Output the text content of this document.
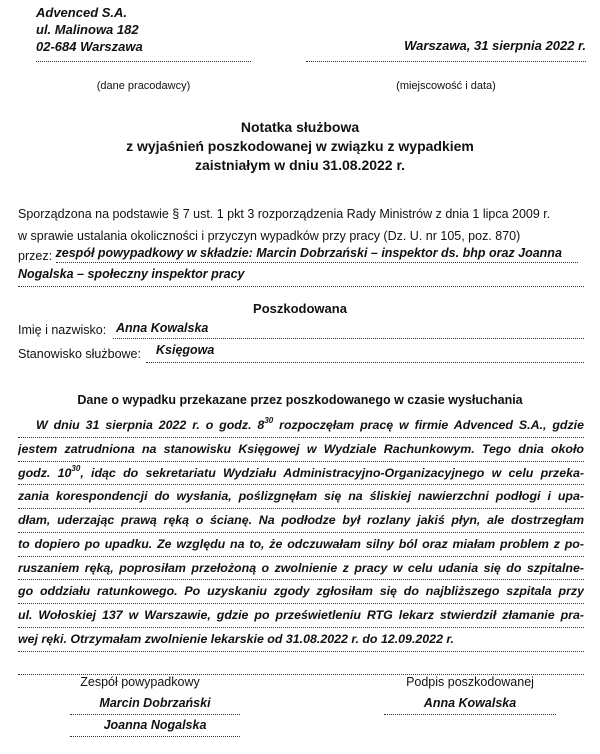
Advenced S.A.
ul. Malinowa 182
02-684 Warszawa
(dane pracodawcy)
Warszawa, 31 sierpnia 2022 r.
(miejscowość i data)
Notatka służbowa
z wyjaśnień poszkodowanej w związku z wypadkiem
zaistniałym w dniu 31.08.2022 r.
Sporządzona na podstawie § 7 ust. 1 pkt 3 rozporządzenia Rady Ministrów z dnia 1 lipca 2009 r.
w sprawie ustalania okoliczności i przyczyn wypadków przy pracy (Dz. U. nr 105, poz. 870)
przez: zespół powypadkowy w składzie: Marcin Dobrzański – inspektor ds. bhp oraz Joanna
Nogalska – społeczny inspektor pracy
Poszkodowana
Imię i nazwisko: Anna Kowalska
Stanowisko służbowe: Księgowa
Dane o wypadku przekazane przez poszkodowanego w czasie wysłuchania
W dniu 31 sierpnia 2022 r. o godz. $8^{30}$ rozpoczęłam pracę w firmie Advenced S.A., gdzie
jestem zatrudniona na stanowisku Księgowej w Wydziale Rachunkowym. Tego dnia około
godz. $10^{30}$, idąc do sekretariatu Wydziału Administracyjno-Organizacyjnego w celu przeka-
zania korespondencji do wysłania, poślizgnęłam się na śliskiej nawierzchni podłogi i upa-
dłam, uderzając prawą ręką o ścianę. Na podłodze był rozlany jakiś płyn, ale dostrzegłam
to dopiero po upadku. Ze względu na to, że odczuwałam silny ból oraz miałam problem z po-
ruszaniem ręką, poprosiłam przełożoną o zwolnienie z pracy w celu udania się do szpitalne-
go oddziału ratunkowego. Po uzyskaniu zgody zgłosiłam się do najbliższego szpitala przy
ul. Wołoskiej 137 w Warszawie, gdzie po prześwietleniu RTG lekarz stwierdził złamanie pra-
wej ręki. Otrzymałam zwolnienie lekarskie od 31.08.2022 r. do 12.09.2022 r.
Zespół powypadkowy
Marcin Dobrzański
Joanna Nogalska
Podpis poszkodowanej
Anna Kowalska
